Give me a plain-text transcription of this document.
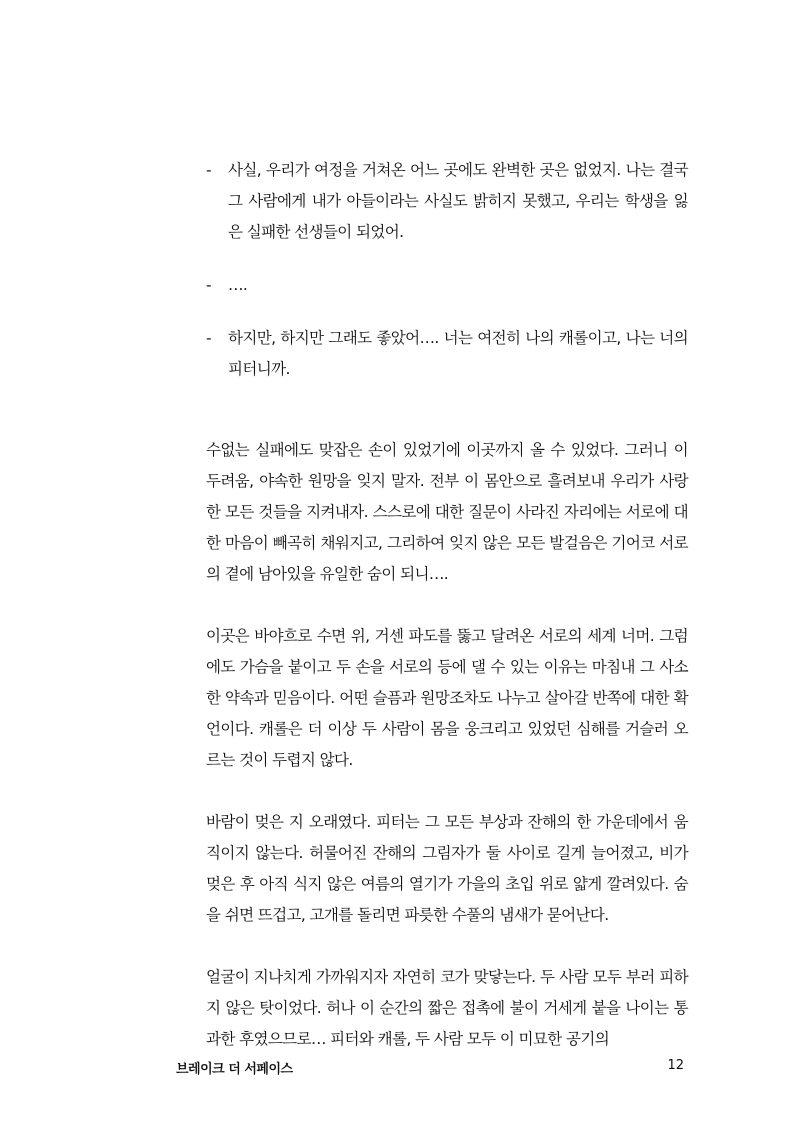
-	사실, 우리가 여정을 거쳐온 어느 곳에도 완벽한 곳은 없었지. 나는 결국 그 사람에게 내가 아들이라는 사실도 밝히지 못했고, 우리는 학생을 잃은 실패한 선생들이 되었어.
-	….
-	하지만, 하지만 그래도 좋았어…. 너는 여전히 나의 캐롤이고, 나는 너의 피터니까.

수없는 실패에도 맞잡은 손이 있었기에 이곳까지 올 수 있었다. 그러니 이 두려움, 야속한 원망을 잊지 말자. 전부 이 몸안으로 흘려보내 우리가 사랑한 모든 것들을 지켜내자. 스스로에 대한 질문이 사라진 자리에는 서로에 대한 마음이 빼곡히 채워지고, 그리하여 잊지 않은 모든 발걸음은 기어코 서로의 곁에 남아있을 유일한 숨이 되니….

이곳은 바야흐로 수면 위, 거센 파도를 뚫고 달려온 서로의 세계 너머. 그럼에도 가슴을 붙이고 두 손을 서로의 등에 댈 수 있는 이유는 마침내 그 사소한 약속과 믿음이다. 어떤 슬픔과 원망조차도 나누고 살아갈 반쪽에 대한 확언이다. 캐롤은 더 이상 두 사람이 몸을 웅크리고 있었던 심해를 거슬러 오르는 것이 두렵지 않다.

바람이 멎은 지 오래였다. 피터는 그 모든 부상과 잔해의 한 가운데에서 움직이지 않는다. 허물어진 잔해의 그림자가 둘 사이로 길게 늘어졌고, 비가 멎은 후 아직 식지 않은 여름의 열기가 가을의 초입 위로 얇게 깔려있다. 숨을 쉬면 뜨겁고, 고개를 돌리면 파릇한 수풀의 냄새가 묻어난다.

얼굴이 지나치게 가까워지자 자연히 코가 맞닿는다. 두 사람 모두 부러 피하지 않은 탓이었다. 허나 이 순간의 짧은 접촉에 불이 거세게 붙을 나이는 통과한 후였으므로… 피터와 캐롤, 두 사람 모두 이 미묘한 공기의

브레이크 더 서페이스	12
